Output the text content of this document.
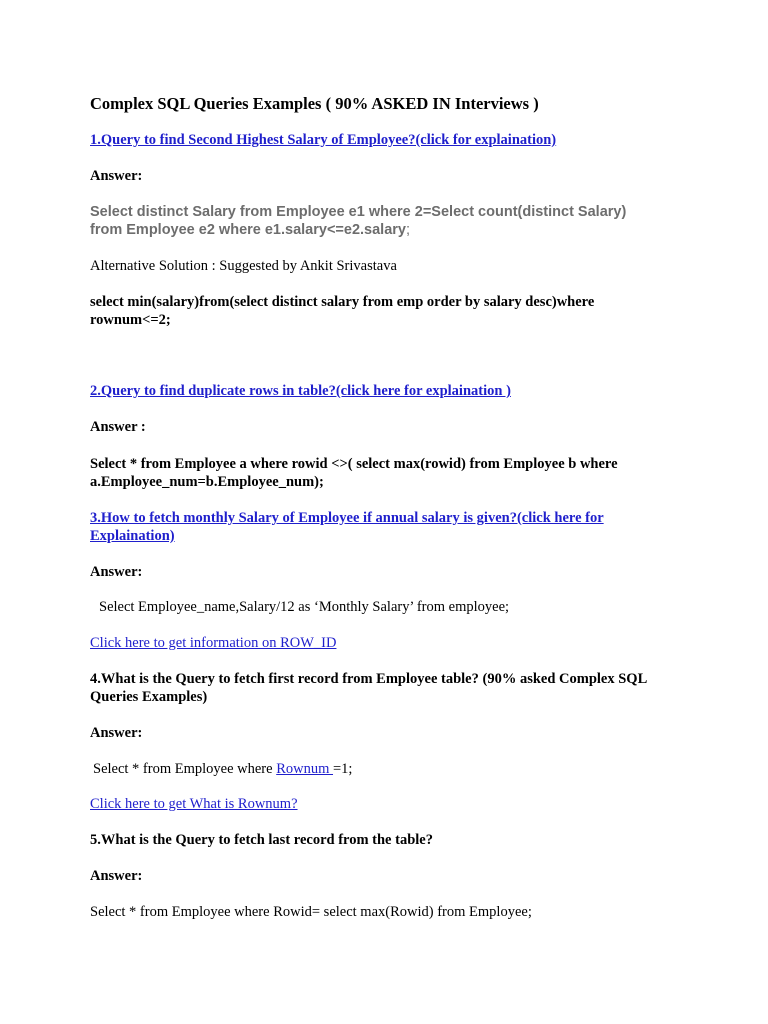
Complex SQL Queries Examples ( 90% ASKED IN Interviews )
1.Query to find Second Highest Salary of Employee?(click for explaination)
Answer:
Select distinct Salary from Employee e1 where 2=Select count(distinct Salary)
from Employee e2 where e1.salary<=e2.salary;
Alternative Solution : Suggested by Ankit Srivastava
select min(salary)from(select distinct salary from emp order by salary desc)where
rownum<=2;
2.Query to find duplicate rows in table?(click here for explaination )
Answer :
Select * from Employee a where rowid <>( select max(rowid) from Employee b where
a.Employee_num=b.Employee_num);
3.How to fetch monthly Salary of Employee if annual salary is given?(click here for
Explaination)
Answer:
Select Employee_name,Salary/12 as ‘Monthly Salary’ from employee;
Click here to get information on ROW_ID
4.What is the Query to fetch first record from Employee table? (90% asked Complex SQL
Queries Examples)
Answer:
Select * from Employee where Rownum =1;
Click here to get What is Rownum?
5.What is the Query to fetch last record from the table?
Answer:
Select * from Employee where Rowid= select max(Rowid) from Employee;
